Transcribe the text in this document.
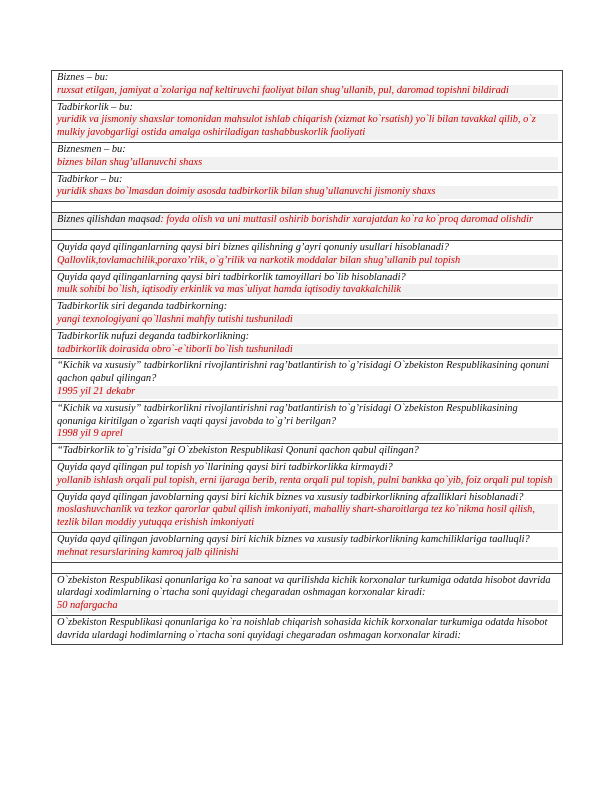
Biznes – bu:
ruxsat etilgan, jamiyat a`zolariga naf keltiruvchi faoliyat bilan shug’ullanib, pul, daromad topishni bildiradi

Tadbirkorlik – bu:
yuridik va jismoniy shaxslar tomonidan mahsulot ishlab chiqarish (xizmat ko`rsatish) yo`li bilan tavakkal qilib, o`z mulkiy javobgarligi ostida amalga oshiriladigan tashabbuskorlik faoliyati

Biznesmen – bu:
biznes bilan shug’ullanuvchi shaxs

Tadbirkor – bu:
yuridik shaxs bo`lmasdan doimiy asosda tadbirkorlik bilan shug’ullanuvchi jismoniy shaxs

Biznes qilishdan maqsad: foyda olish va uni muttasil oshirib borishdir xarajatdan ko`ra ko`proq daromad olishdir

Quyida qayd qilinganlarning qaysi biri biznes qilishning g’ayri qonuniy usullari hisoblanadi?
Qallovlik,tovlamachilik,poraxo’rlik, o`g’rilik va narkotik moddalar bilan shug’ullanib pul topish

Quyida qayd qilinganlarning qaysi biri tadbirkorlik tamoyillari bo`lib hisoblanadi?
mulk sohibi bo`lish, iqtisodiy erkinlik va mas`uliyat hamda iqtisodiy tavakkalchilik

Tadbirkorlik siri deganda tadbirkorning:
yangi texnologiyani qo`llashni mahfiy tutishi tushuniladi

Tadbirkorlik nufuzi deganda tadbirkorlikning:
tadbirkorlik doirasida obro`-e`tiborli bo`lish tushuniladi

“Kichik va xususiy” tadbirkorlikni rivojlantirishni rag’batlantirish to`g’risidagi O`zbekiston Respublikasining qonuni qachon qabul qilingan?
1995 yil 21 dekabr

“Kichik va xususiy” tadbirkorlikni rivojlantirishni rag’batlantirish to`g’risidagi O`zbekiston Respublikasining qonuniga kiritilgan o`zgarish vaqti qaysi javobda to`g’ri berilgan?
1998 yil 9 aprel

“Tadbirkorlik to`g’risida”gi O`zbekiston Respublikasi Qonuni qachon qabul qilingan?

Quyida qayd qilingan pul topish yo`llarining qaysi biri tadbirkorlikka kirmaydi?
yollanib ishlash orqali pul topish, erni ijaraga berib, renta orqali pul topish, pulni bankka qo`yib, foiz orqali pul topish

Quyida qayd qilingan javoblarning qaysi biri kichik biznes va xususiy tadbirkorlikning afzalliklari hisoblanadi?
moslashuvchanlik va tezkor qarorlar qabul qilish imkoniyati, mahalliy shart-sharoitlarga tez ko`nikma hosil qilish, tezlik bilan moddiy yutuqqa erishish imkoniyati

Quyida qayd qilingan javoblarning qaysi biri kichik biznes va xususiy tadbirkorlikning kamchiliklariga taalluqli?
mehnat resurslarining kamroq jalb qilinishi

O`zbekiston Respublikasi qonunlariga ko`ra sanoat va qurilishda kichik korxonalar turkumiga odatda hisobot davrida ulardagi xodimlarning o`rtacha soni quyidagi chegaradan oshmagan korxonalar kiradi:
50 nafargacha

O`zbekiston Respublikasi qonunlariga ko`ra noishlab chiqarish sohasida kichik korxonalar turkumiga odatda hisobot davrida ulardagi hodimlarning o`rtacha soni quyidagi chegaradan oshmagan korxonalar kiradi:
